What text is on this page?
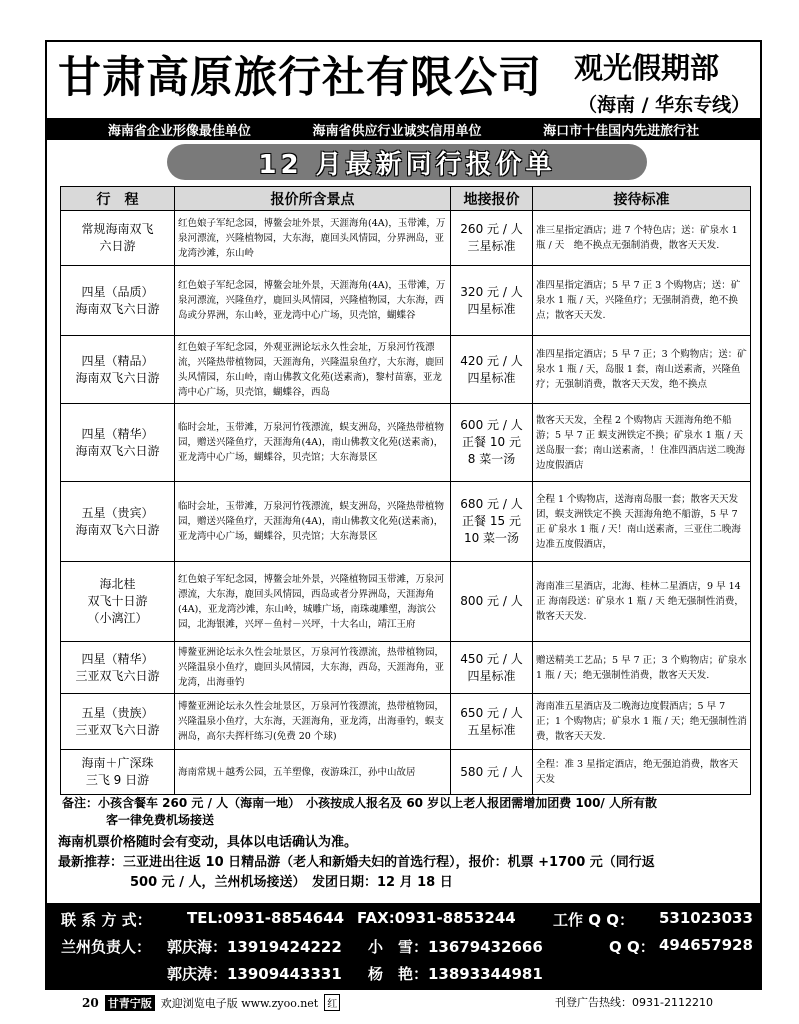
甘肃高原旅行社有限公司 观光假期部
（海南 / 华东专线）
海南省企业形像最佳单位	海南省供应行业诚实信用单位	海口市十佳国内先进旅行社
12 月最新同行报价单
行　程	报价所含景点	地接报价	接待标准
常规海南双飞
六日游	红色娘子军纪念园，博鳌会址外景，天涯海角(4A)，玉带滩，万泉河漂流，兴隆植物园，大东海，鹿回头风情园，分界洲岛，亚龙湾沙滩，东山岭	260 元 / 人
三星标准	准三星指定酒店；进 7 个特色店；送：矿泉水 1 瓶 / 天　绝不换点无强制消费，散客天天发.
四星（品质）
海南双飞六日游	红色娘子军纪念园，博鳌会址外景，天涯海角(4A)，玉带滩，万泉河漂流，兴隆鱼疗，鹿回头风情园，兴隆植物园，大东海，西岛或分界洲，东山岭，亚龙湾中心广场，贝壳馆，蝴蝶谷	320 元 / 人
四星标准	准四星指定酒店；5 早 7 正 3 个购物店；送：矿泉水 1 瓶 / 天，兴隆鱼疗；无强制消费，绝不换点；散客天天发.
四星（精品）
海南双飞六日游	红色娘子军纪念园，外观亚洲论坛永久性会址，万泉河竹筏漂流，兴隆热带植物园，天涯海角，兴隆温泉鱼疗，大东海，鹿回头风情园，东山岭，南山佛教文化苑(送素斋)，黎村苗寨，亚龙湾中心广场，贝壳馆，蝴蝶谷，西岛	420 元 / 人
四星标准	准四星指定酒店；5 早 7 正；3 个购物店；送：矿泉水 1 瓶 / 天，岛服 1 套，南山送素斋，兴隆鱼疗；无强制消费，散客天天发，绝不换点
四星（精华）
海南双飞六日游	临时会址，玉带滩，万泉河竹筏漂流，蜈支洲岛，兴隆热带植物园，赠送兴隆鱼疗，天涯海角(4A)，南山佛教文化苑(送素斋)，亚龙湾中心广场，蝴蝶谷，贝壳馆；大东海景区	600 元 / 人
正餐 10 元
8 菜一汤	散客天天发，全程 2 个购物店 天涯海角绝不船游；5 早 7 正 蜈支洲铁定不换；矿泉水 1 瓶 / 天 送岛服一套；南山送素斋，！住准四酒店送二晚海边度假酒店
五星（贵宾）
海南双飞六日游	临时会址，玉带滩，万泉河竹筏漂流，蜈支洲岛，兴隆热带植物园，赠送兴隆鱼疗，天涯海角(4A)，南山佛教文化苑(送素斋)，亚龙湾中心广场，蝴蝶谷，贝壳馆；大东海景区	680 元 / 人
正餐 15 元
10 菜一汤	全程 1 个购物店，送海南岛服一套；散客天天发团，蜈支洲铁定不换 天涯海角绝不船游，5 早 7 正 矿泉水 1 瓶 / 天！南山送素斋，三亚住二晚海边准五度假酒店，
海北桂
双飞十日游
（小漓江）	红色娘子军纪念园，博鳌会址外景，兴隆植物园玉带滩，万泉河漂流，大东海，鹿回头风情园，西岛或者分界洲岛，天涯海角(4A)，亚龙湾沙滩，东山岭，城雕广场，南珠魂雕塑，海滨公园，北海银滩，兴坪－鱼村－兴坪，十大名山，靖江王府	800 元 / 人	海南准三星酒店，北海、桂林二星酒店，9 早 14 正 海南段送：矿泉水 1 瓶 / 天 绝无强制性消费，散客天天发.
四星（精华）
三亚双飞六日游	博鳌亚洲论坛永久性会址景区，万泉河竹筏漂流，热带植物园，兴隆温泉小鱼疗，鹿回头风情园，大东海，西岛，天涯海角，亚龙湾，出海垂钓	450 元 / 人
四星标准	赠送精美工艺品；5 早 7 正；3 个购物店；矿泉水 1 瓶 / 天；绝无强制性消费，散客天天发.
五星（贵族）
三亚双飞六日游	博鳌亚洲论坛永久性会址景区，万泉河竹筏漂流，热带植物园，兴隆温泉小鱼疗，大东海，天涯海角，亚龙湾，出海垂钓，蜈支洲岛，高尔夫挥杆练习(免费 20 个球)	650 元 / 人
五星标准	海南准五星酒店及二晚海边度假酒店；5 早 7 正；1 个购物店；矿泉水 1 瓶 / 天；绝无强制性消费，散客天天发.
海南＋广深珠
三飞 9 日游	海南常规＋越秀公园，五羊塑像，夜游珠江，孙中山故居	580 元 / 人	全程：准 3 星指定酒店，绝无强迫消费，散客天天发
备注：小孩含餐车 260 元 / 人（海南一地）　小孩按成人报名及 60 岁以上老人报团需增加团费 100/ 人所有散
客一律免费机场接送
海南机票价格随时会有变动，具体以电话确认为准。
最新推荐：三亚进出往返 10 日精品游（老人和新婚夫妇的首选行程），报价：机票 +1700 元（同行返
500 元 / 人，兰州机场接送）　发团日期：12 月 18 日
联 系 方 式： TEL:0931-8854644 FAX:0931-8853244 工作 Q Q： 531023033
兰州负责人： 郭庆海：13919424222 小　雪：13679432666	Q Q： 494657928
郭庆涛：13909443331 杨　艳：13893344981
20 甘青宁版 欢迎浏览电子版 www.zyoo.net 红	刊登广告热线：0931-2112210
